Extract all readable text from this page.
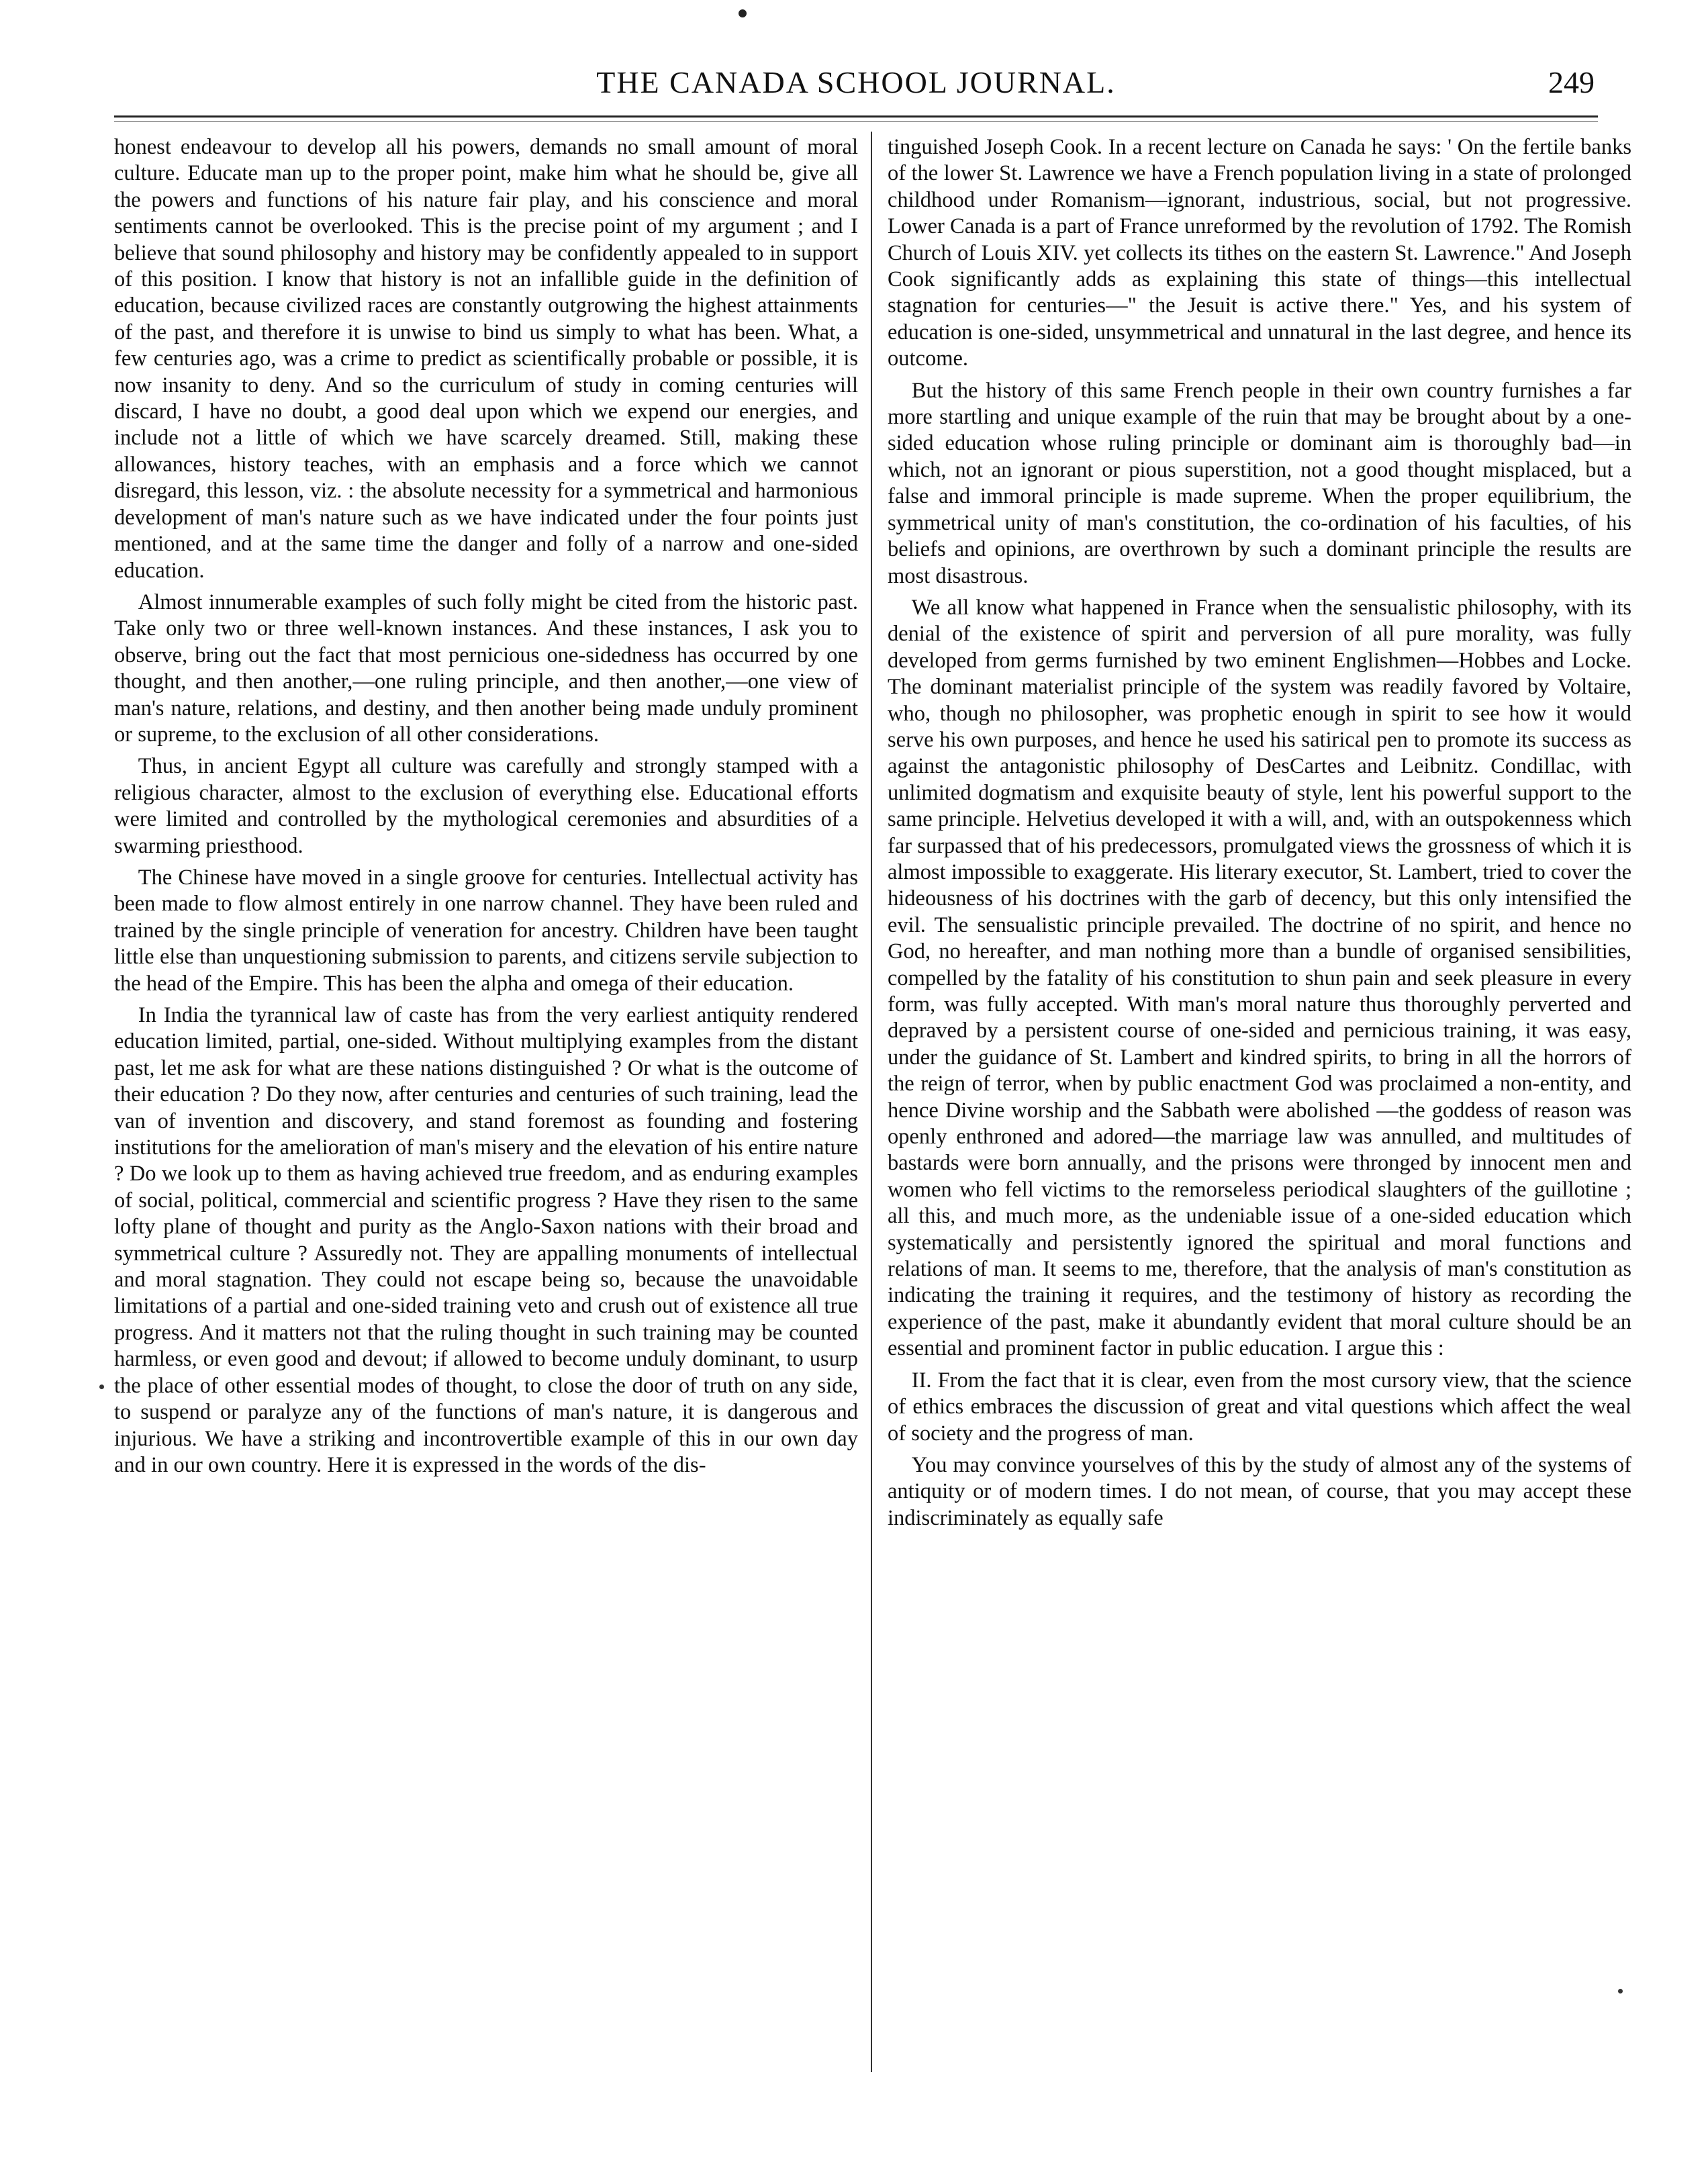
THE CANADA SCHOOL JOURNAL.	249

honest endeavour to develop all his powers, demands no small amount of moral culture. Educate man up to the proper point, make him what he should be, give all the powers and functions of his nature fair play, and his conscience and moral sentiments cannot be overlooked. This is the precise point of my argument ; and I believe that sound philosophy and history may be confidently appealed to in support of this position. I know that history is not an infallible guide in the definition of education, because civilized races are constantly outgrowing the highest attainments of the past, and therefore it is unwise to bind us simply to what has been. What, a few centuries ago, was a crime to predict as scientifically probable or possible, it is now insanity to deny. And so the curriculum of study in coming centuries will discard, I have no doubt, a good deal upon which we expend our energies, and include not a little of which we have scarcely dreamed. Still, making these allowances, history teaches, with an emphasis and a force which we cannot disregard, this lesson, viz. : the absolute necessity for a symmetrical and harmonious development of man's nature such as we have indicated under the four points just mentioned, and at the same time the danger and folly of a narrow and one-sided education.

Almost innumerable examples of such folly might be cited from the historic past. Take only two or three well-known instances. And these instances, I ask you to observe, bring out the fact that most pernicious one-sidedness has occurred by one thought, and then another,—one ruling principle, and then another,—one view of man's nature, relations, and destiny, and then another being made unduly prominent or supreme, to the exclusion of all other considerations.

Thus, in ancient Egypt all culture was carefully and strongly stamped with a religious character, almost to the exclusion of everything else. Educational efforts were limited and controlled by the mythological ceremonies and absurdities of a swarming priesthood.

The Chinese have moved in a single groove for centuries. Intellectual activity has been made to flow almost entirely in one narrow channel. They have been ruled and trained by the single principle of veneration for ancestry. Children have been taught little else than unquestioning submission to parents, and citizens servile subjection to the head of the Empire. This has been the alpha and omega of their education.

In India the tyrannical law of caste has from the very earliest antiquity rendered education limited, partial, one-sided. Without multiplying examples from the distant past, let me ask for what are these nations distinguished ? Or what is the outcome of their education ? Do they now, after centuries and centuries of such training, lead the van of invention and discovery, and stand foremost as founding and fostering institutions for the amelioration of man's misery and the elevation of his entire nature ? Do we look up to them as having achieved true freedom, and as enduring examples of social, political, commercial and scientific progress ? Have they risen to the same lofty plane of thought and purity as the Anglo-Saxon nations with their broad and symmetrical culture ? Assuredly not. They are appalling monuments of intellectual and moral stagnation. They could not escape being so, because the unavoidable limitations of a partial and one-sided training veto and crush out of existence all true progress. And it matters not that the ruling thought in such training may be counted harmless, or even good and devout; if allowed to become unduly dominant, to usurp the place of other essential modes of thought, to close the door of truth on any side, to suspend or paralyze any of the functions of man's nature, it is dangerous and injurious. We have a striking and incontrovertible example of this in our own day and in our own country. Here it is expressed in the words of the dis-

tinguished Joseph Cook. In a recent lecture on Canada he says: ' On the fertile banks of the lower St. Lawrence we have a French population living in a state of prolonged childhood under Romanism—ignorant, industrious, social, but not progressive. Lower Canada is a part of France unreformed by the revolution of 1792. The Romish Church of Louis XIV. yet collects its tithes on the eastern St. Lawrence." And Joseph Cook significantly adds as explaining this state of things—this intellectual stagnation for centuries—" the Jesuit is active there." Yes, and his system of education is one-sided, unsymmetrical and unnatural in the last degree, and hence its outcome.

But the history of this same French people in their own country furnishes a far more startling and unique example of the ruin that may be brought about by a one-sided education whose ruling principle or dominant aim is thoroughly bad—in which, not an ignorant or pious superstition, not a good thought misplaced, but a false and immoral principle is made supreme. When the proper equilibrium, the symmetrical unity of man's constitution, the co-ordination of his faculties, of his beliefs and opinions, are overthrown by such a dominant principle the results are most disastrous.

We all know what happened in France when the sensualistic philosophy, with its denial of the existence of spirit and perversion of all pure morality, was fully developed from germs furnished by two eminent Englishmen—Hobbes and Locke. The dominant materialist principle of the system was readily favored by Voltaire, who, though no philosopher, was prophetic enough in spirit to see how it would serve his own purposes, and hence he used his satirical pen to promote its success as against the antagonistic philosophy of DesCartes and Leibnitz. Condillac, with unlimited dogmatism and exquisite beauty of style, lent his powerful support to the same principle. Helvetius developed it with a will, and, with an outspokenness which far surpassed that of his predecessors, promulgated views the grossness of which it is almost impossible to exaggerate. His literary executor, St. Lambert, tried to cover the hideousness of his doctrines with the garb of decency, but this only intensified the evil. The sensualistic principle prevailed. The doctrine of no spirit, and hence no God, no hereafter, and man nothing more than a bundle of organised sensibilities, compelled by the fatality of his constitution to shun pain and seek pleasure in every form, was fully accepted. With man's moral nature thus thoroughly perverted and depraved by a persistent course of one-sided and pernicious training, it was easy, under the guidance of St. Lambert and kindred spirits, to bring in all the horrors of the reign of terror, when by public enactment God was proclaimed a non-entity, and hence Divine worship and the Sabbath were abolished —the goddess of reason was openly enthroned and adored—the marriage law was annulled, and multitudes of bastards were born annually, and the prisons were thronged by innocent men and women who fell victims to the remorseless periodical slaughters of the guillotine ; all this, and much more, as the undeniable issue of a one-sided education which systematically and persistently ignored the spiritual and moral functions and relations of man. It seems to me, therefore, that the analysis of man's constitution as indicating the training it requires, and the testimony of history as recording the experience of the past, make it abundantly evident that moral culture should be an essential and prominent factor in public education. I argue this :

II. From the fact that it is clear, even from the most cursory view, that the science of ethics embraces the discussion of great and vital questions which affect the weal of society and the progress of man.

You may convince yourselves of this by the study of almost any of the systems of antiquity or of modern times. I do not mean, of course, that you may accept these indiscriminately as equally safe
